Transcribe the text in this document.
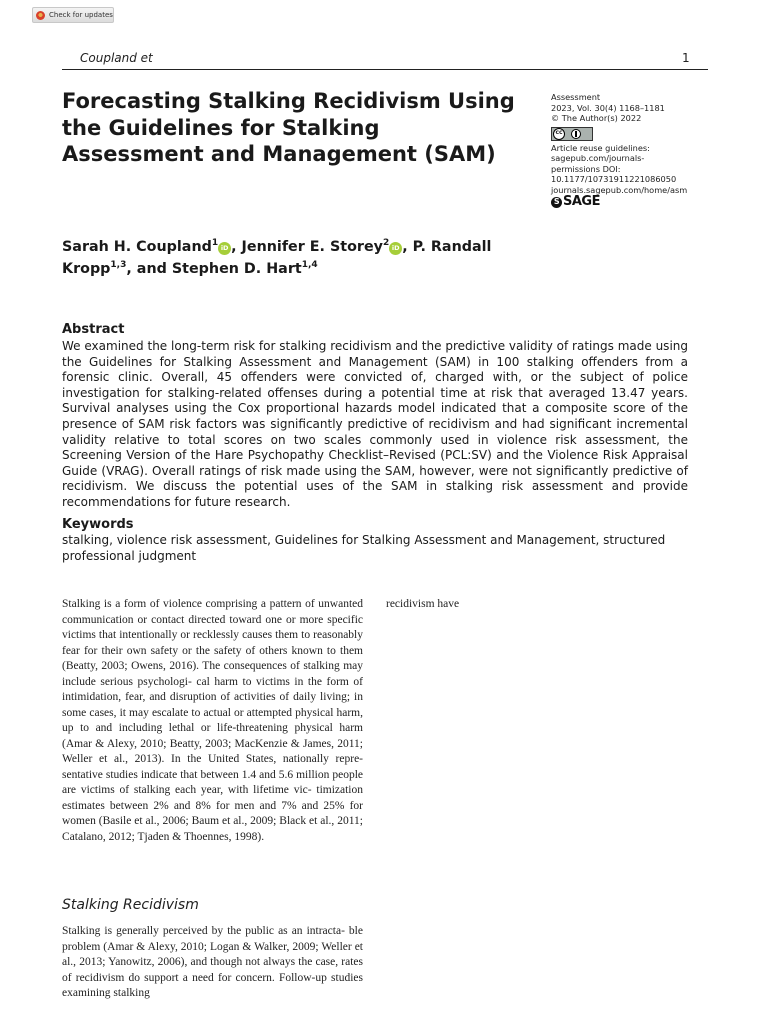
Check for updates
Coupland et	1
Forecasting Stalking Recidivism Using the Guidelines for Stalking Assessment and Management (SAM)
Assessment
2023, Vol. 30(4) 1168–1181
© The Author(s) 2022
cc
Article reuse guidelines:
sagepub.com/journals-
permissions DOI:
10.1177/10731911221086050
journals.sagepub.com/home/asm
S SAGE
Sarah H. Coupland$^1$ iD , Jennifer E. Storey$^2$ iD , P. Randall Kropp$^{1,3}$, and Stephen D. Hart$^{1,4}$
Abstract

We examined the long-term risk for stalking recidivism and the predictive validity of ratings made using the Guidelines for Stalking Assessment and Management (SAM) in 100 stalking offenders from a forensic clinic. Overall, 45 offenders were convicted of, charged with, or the subject of police investigation for stalking-related offenses during a potential time at risk that averaged 13.47 years. Survival analyses using the Cox proportional hazards model indicated that a composite score of the presence of SAM risk factors was significantly predictive of recidivism and had significant incremental validity relative to total scores on two scales commonly used in violence risk assessment, the Screening Version of the Hare Psychopathy Checklist–Revised (PCL:SV) and the Violence Risk Appraisal Guide (VRAG). Overall ratings of risk made using the SAM, however, were not significantly predictive of recidivism. We discuss the potential uses of the SAM in stalking risk assessment and provide recommendations for future research.

Keywords

stalking, violence risk assessment, Guidelines for Stalking Assessment and Management, structured professional judgment

Stalking is a form of violence comprising a pattern of unwanted communication or contact directed toward one or more specific victims that intentionally or recklessly causes them to reasonably fear for their own safety or the safety of others known to them (Beatty, 2003; Owens, 2016). The consequences of stalking may include serious psychologi- cal harm to victims in the form of intimidation, fear, and disruption of activities of daily living; in some cases, it may escalate to actual or attempted physical harm, up to and including lethal or life-threatening physical harm (Amar & Alexy, 2010; Beatty, 2003; MacKenzie & James, 2011; Weller et al., 2013). In the United States, nationally repre- sentative studies indicate that between 1.4 and 5.6 million people are victims of stalking each year, with lifetime vic- timization estimates between 2% and 8% for men and 7% and 25% for women (Basile et al., 2006; Baum et al., 2009; Black et al., 2011; Catalano, 2012; Tjaden & Thoennes, 1998).

Stalking Recidivism

Stalking is generally perceived by the public as an intracta- ble problem (Amar & Alexy, 2010; Logan & Walker, 2009; Weller et al., 2013; Yanowitz, 2006), and though not always the case, rates of recidivism do support a need for concern. Follow-up studies examining stalking

recidivism have
